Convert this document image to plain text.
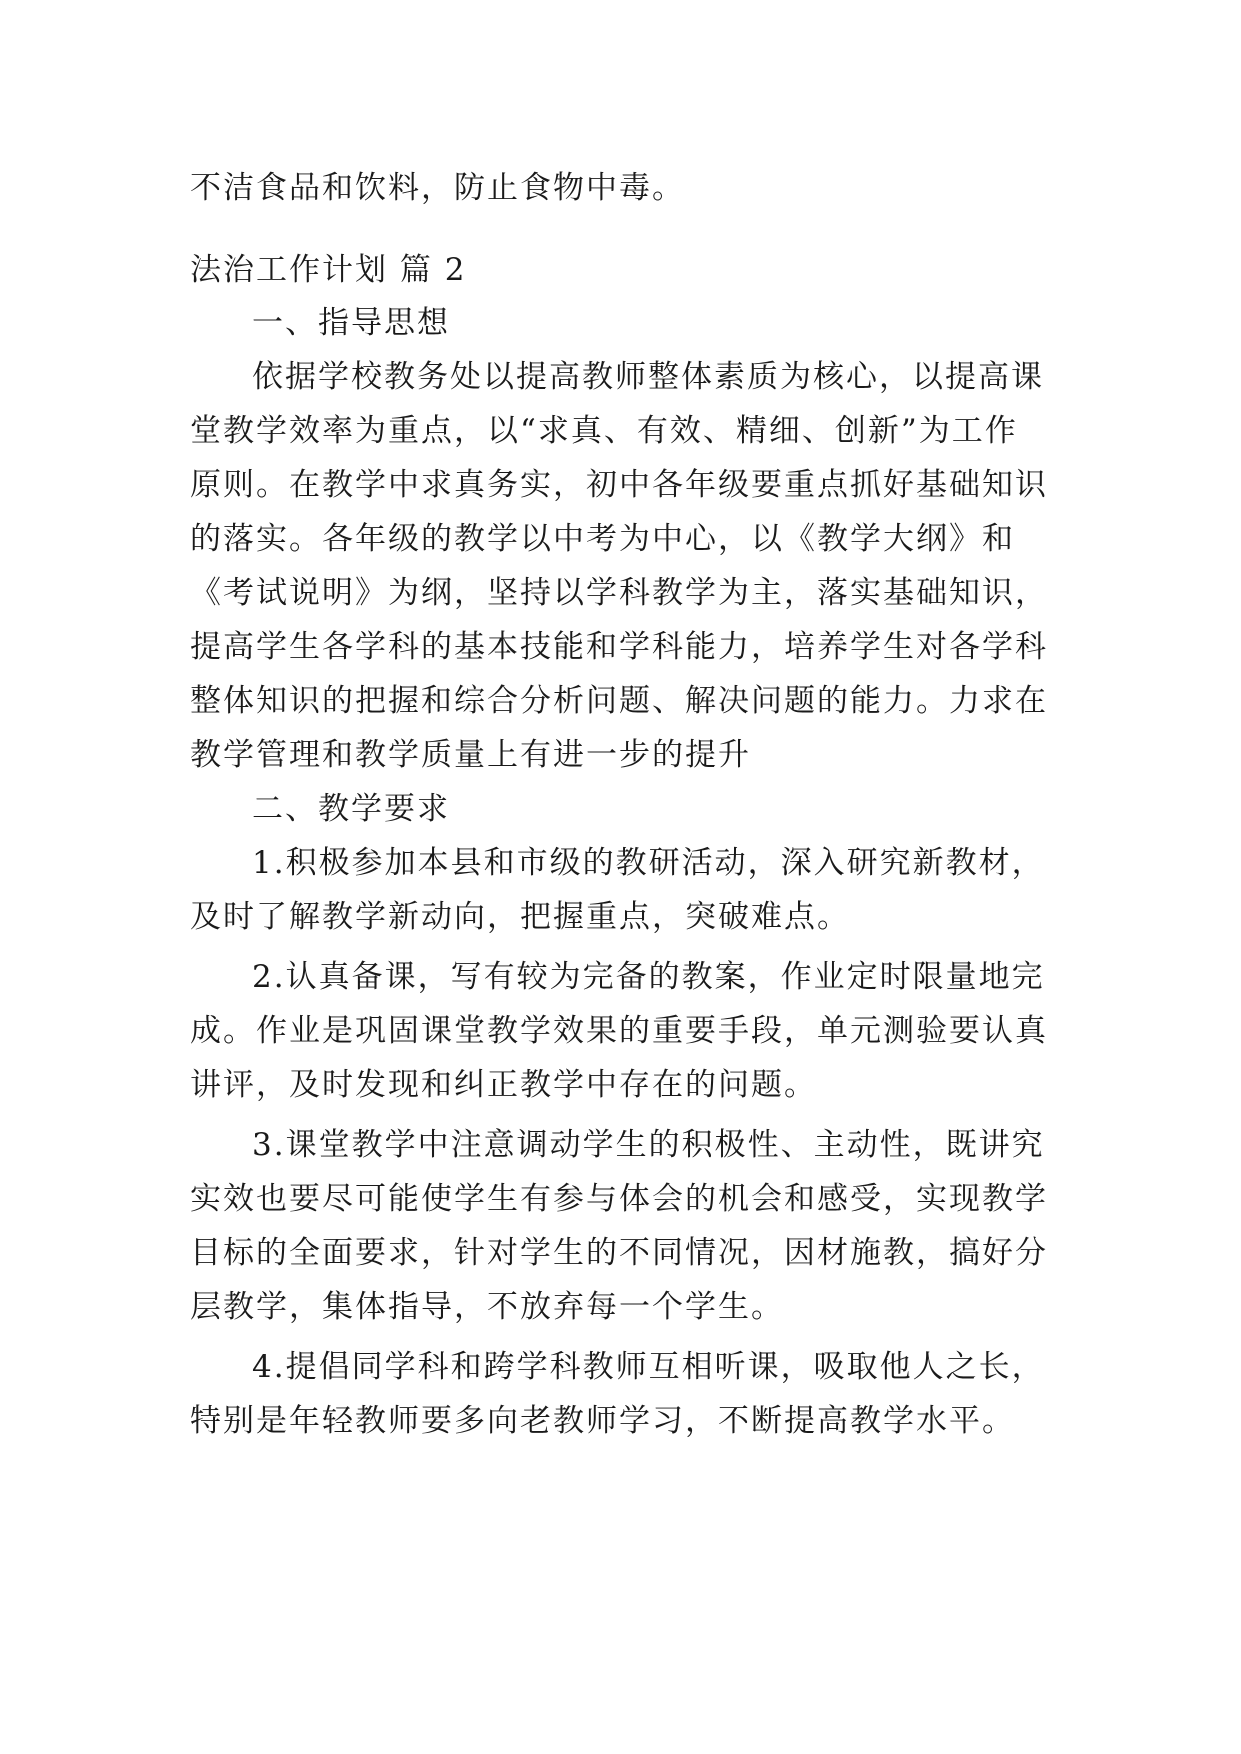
不洁食品和饮料，防止食物中毒。
法治工作计划 篇 2
一、指导思想
依据学校教务处以提高教师整体素质为核心，以提高课
堂教学效率为重点，以“求真、有效、精细、创新”为工作
原则。在教学中求真务实，初中各年级要重点抓好基础知识
的落实。各年级的教学以中考为中心，以《教学大纲》和
《考试说明》为纲，坚持以学科教学为主，落实基础知识，
提高学生各学科的基本技能和学科能力，培养学生对各学科
整体知识的把握和综合分析问题、解决问题的能力。力求在
教学管理和教学质量上有进一步的提升
二、教学要求
1.积极参加本县和市级的教研活动，深入研究新教材，
及时了解教学新动向，把握重点，突破难点。
2.认真备课，写有较为完备的教案，作业定时限量地完
成。作业是巩固课堂教学效果的重要手段，单元测验要认真
讲评，及时发现和纠正教学中存在的问题。
3.课堂教学中注意调动学生的积极性、主动性，既讲究
实效也要尽可能使学生有参与体会的机会和感受，实现教学
目标的全面要求，针对学生的不同情况，因材施教，搞好分
层教学，集体指导，不放弃每一个学生。
4.提倡同学科和跨学科教师互相听课，吸取他人之长，
特别是年轻教师要多向老教师学习，不断提高教学水平。
